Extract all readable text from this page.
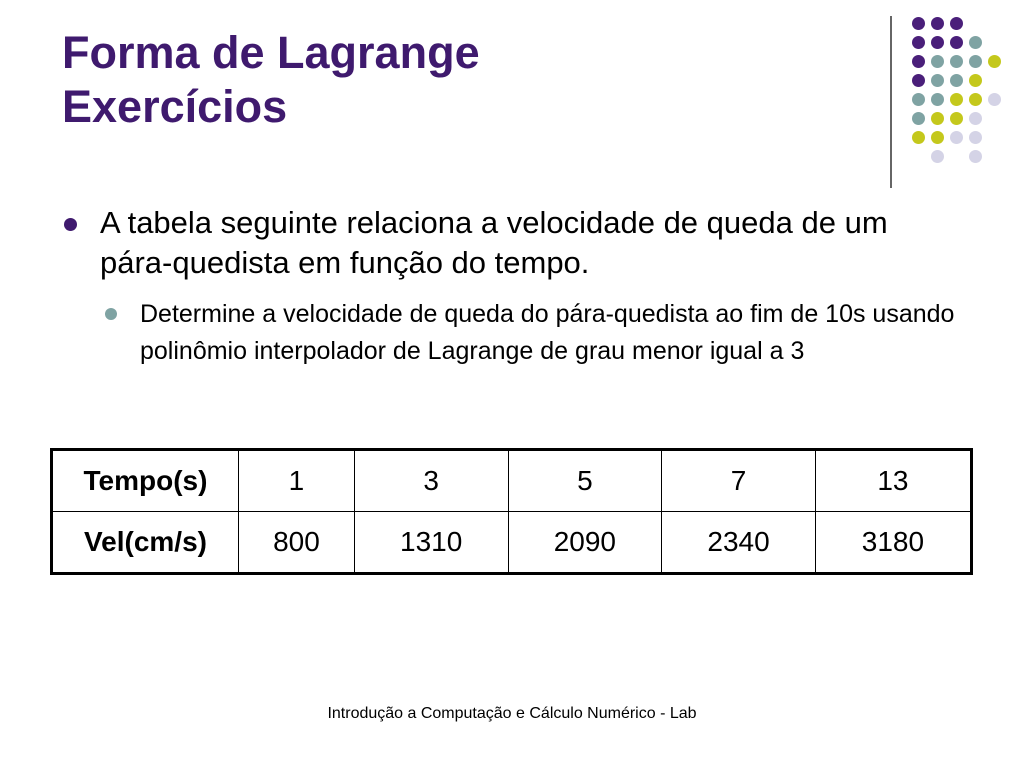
Forma de Lagrange
Exercícios

A tabela seguinte relaciona a velocidade de queda de um pára-quedista em função do tempo.

Determine a velocidade de queda do pára-quedista ao fim de 10s usando polinômio interpolador de Lagrange de grau menor igual a 3

Tempo(s)	1	3	5	7	13
Vel(cm/s)	800	1310	2090	2340	3180
Introdução a Computação e Cálculo Numérico - Lab
